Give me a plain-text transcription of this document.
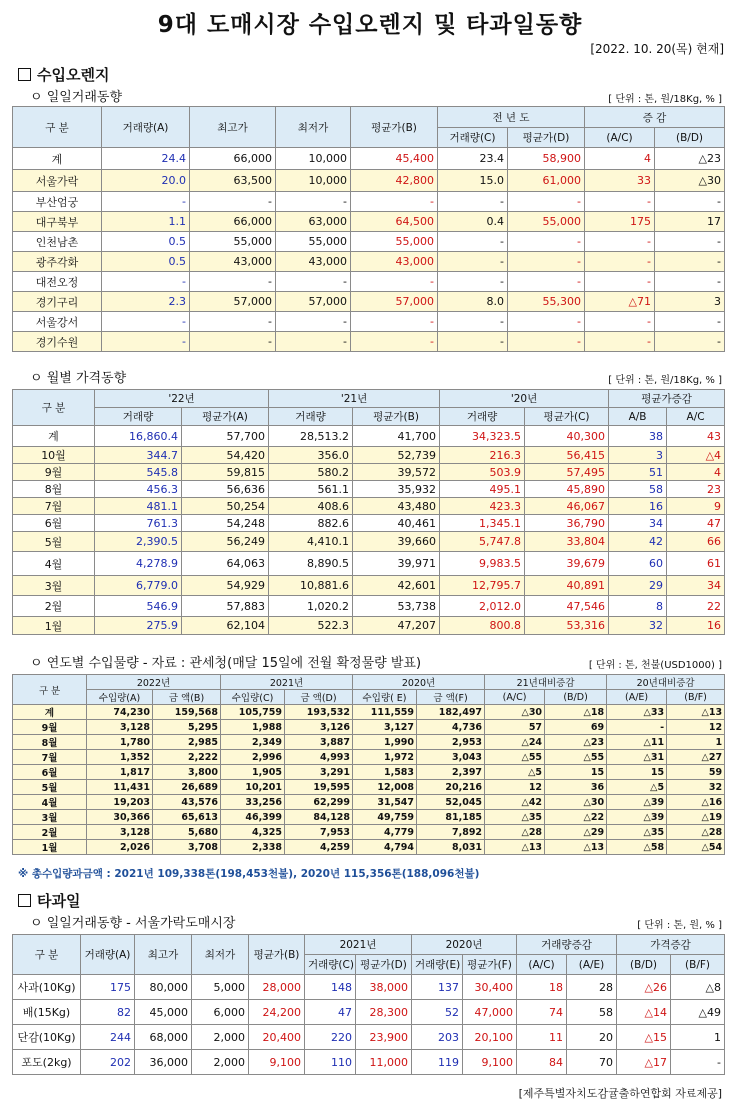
9대 도매시장 수입오렌지 및 타과일동향
[2022. 10. 20(목) 현재]
수입오렌지
ㅇ 일일거래동향	[ 단위 : 톤, 원/18Kg, % ]
구 분	거래량(A)	최고가	최저가	평균가(B)	전 년 도		증 감	
					거래량(C)	평균가(D)	(A/C)	(B/D)
계	24.4	66,000	10,000	45,400	23.4	58,900	4	△23
서울가락	20.0	63,500	10,000	42,800	15.0	61,000	33	△30
부산엄궁	-	-	-	-	-	-	-	-
대구북부	1.1	66,000	63,000	64,500	0.4	55,000	175	17
인천남촌	0.5	55,000	55,000	55,000	-	-	-	-
광주각화	0.5	43,000	43,000	43,000	-	-	-	-
대전오정	-	-	-	-	-	-	-	-
경기구리	2.3	57,000	57,000	57,000	8.0	55,300	△71	3
서울강서	-	-	-	-	-	-	-	-
경기수원	-	-	-	-	-	-	-	-
ㅇ 월별 가격동향	[ 단위 : 톤, 원/18Kg, % ]
구 분	'22년		'21년		'20년		평균가증감	
	거래량	평균가(A)	거래량	평균가(B)	거래량	평균가(C)	A/B	A/C
계	16,860.4	57,700	28,513.2	41,700	34,323.5	40,300	38	43
10월	344.7	54,420	356.0	52,739	216.3	56,415	3	△4
9월	545.8	59,815	580.2	39,572	503.9	57,495	51	4
8월	456.3	56,636	561.1	35,932	495.1	45,890	58	23
7월	481.1	50,254	408.6	43,480	423.3	46,067	16	9
6월	761.3	54,248	882.6	40,461	1,345.1	36,790	34	47
5월	2,390.5	56,249	4,410.1	39,660	5,747.8	33,804	42	66
4월	4,278.9	64,063	8,890.5	39,971	9,983.5	39,679	60	61
3월	6,779.0	54,929	10,881.6	42,601	12,795.7	40,891	29	34
2월	546.9	57,883	1,020.2	53,738	2,012.0	47,546	8	22
1월	275.9	62,104	522.3	47,207	800.8	53,316	32	16
ㅇ 연도별 수입물량 - 자료 : 관세청(매달 15일에 전월 확정물량 발표)	[ 단위 : 톤, 천불(USD1000) ]
구 분	2022년		2021년		2020년		21년대비증감		20년대비증감	
	수입량(A)	금 액(B)	수입량(C)	금 액(D)	수입량( E)	금 액(F)	(A/C)	(B/D)	(A/E)	(B/F)
계	74,230	159,568	105,759	193,532	111,559	182,497	△30	△18	△33	△13
9월	3,128	5,295	1,988	3,126	3,127	4,736	57	69	-	12
8월	1,780	2,985	2,349	3,887	1,990	2,953	△24	△23	△11	1
7월	1,352	2,222	2,996	4,993	1,972	3,043	△55	△55	△31	△27
6월	1,817	3,800	1,905	3,291	1,583	2,397	△5	15	15	59
5월	11,431	26,689	10,201	19,595	12,008	20,216	12	36	△5	32
4월	19,203	43,576	33,256	62,299	31,547	52,045	△42	△30	△39	△16
3월	30,366	65,613	46,399	84,128	49,759	81,185	△35	△22	△39	△19
2월	3,128	5,680	4,325	7,953	4,779	7,892	△28	△29	△35	△28
1월	2,026	3,708	2,338	4,259	4,794	8,031	△13	△13	△58	△54
※ 총수입량과금액 : 2021년 109,338톤(198,453천불), 2020년 115,356톤(188,096천불)
타과일
ㅇ 일일거래동향 - 서울가락도매시장	[ 단위 : 톤, 원, % ]
구 분	거래량(A)	최고가	최저가	평균가(B)	2021년		2020년		거래량증감		가격증감	
					거래량(C)	평균가(D)	거래량(E)	평균가(F)	(A/C)	(A/E)	(B/D)	(B/F)
사과(10Kg)	175	80,000	5,000	28,000	148	38,000	137	30,400	18	28	△26	△8
배(15Kg)	82	45,000	6,000	24,200	47	28,300	52	47,000	74	58	△14	△49
단감(10Kg)	244	68,000	2,000	20,400	220	23,900	203	20,100	11	20	△15	1
포도(2kg)	202	36,000	2,000	9,100	110	11,000	119	9,100	84	70	△17	-
[제주특별자치도감귤출하연합회 자료제공]
